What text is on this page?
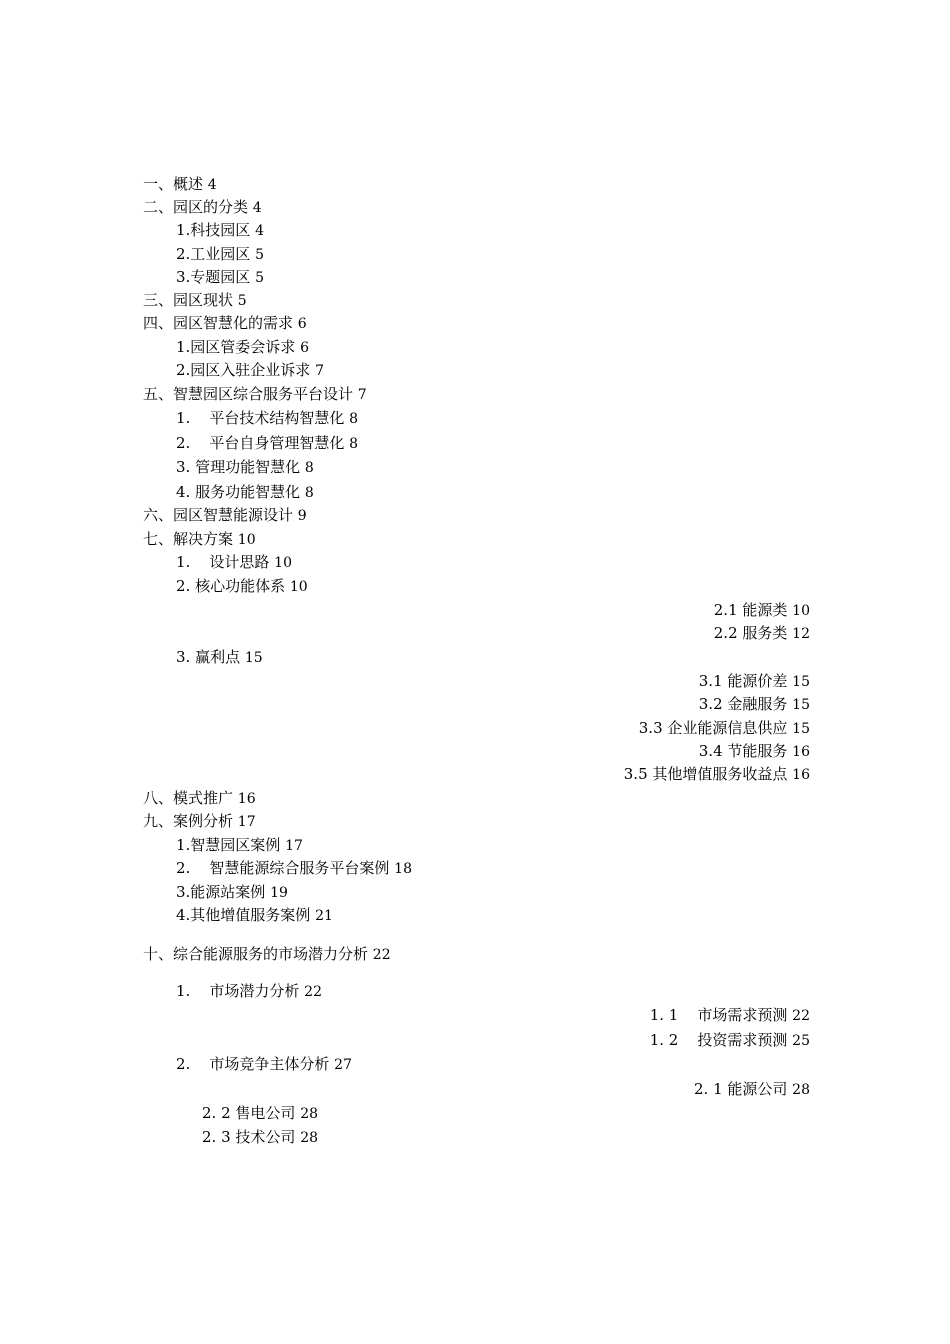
一、概述 4
二、园区的分类 4
1.科技园区 4
2.工业园区 5
3.专题园区 5
三、园区现状 5
四、园区智慧化的需求 6
1.园区管委会诉求 6
2.园区入驻企业诉求 7
五、智慧园区综合服务平台设计 7
1.    平台技术结构智慧化 8
2.    平台自身管理智慧化 8
3. 管理功能智慧化 8
4. 服务功能智慧化 8
六、园区智慧能源设计 9
七、解决方案 10
1.    设计思路 10
2. 核心功能体系 10
2.1 能源类 10
2.2 服务类 12
3. 赢利点 15
3.1 能源价差 15
3.2 金融服务 15
3.3 企业能源信息供应 15
3.4 节能服务 16
3.5 其他增值服务收益点 16
八、模式推广 16
九、案例分析 17
1.智慧园区案例 17
2.    智慧能源综合服务平台案例 18
3.能源站案例 19
4.其他增值服务案例 21
十、综合能源服务的市场潜力分析 22
1.    市场潜力分析 22
1. 1    市场需求预测 22
1. 2    投资需求预测 25
2.    市场竞争主体分析 27
2. 1 能源公司 28
2. 2 售电公司 28
2. 3 技术公司 28
